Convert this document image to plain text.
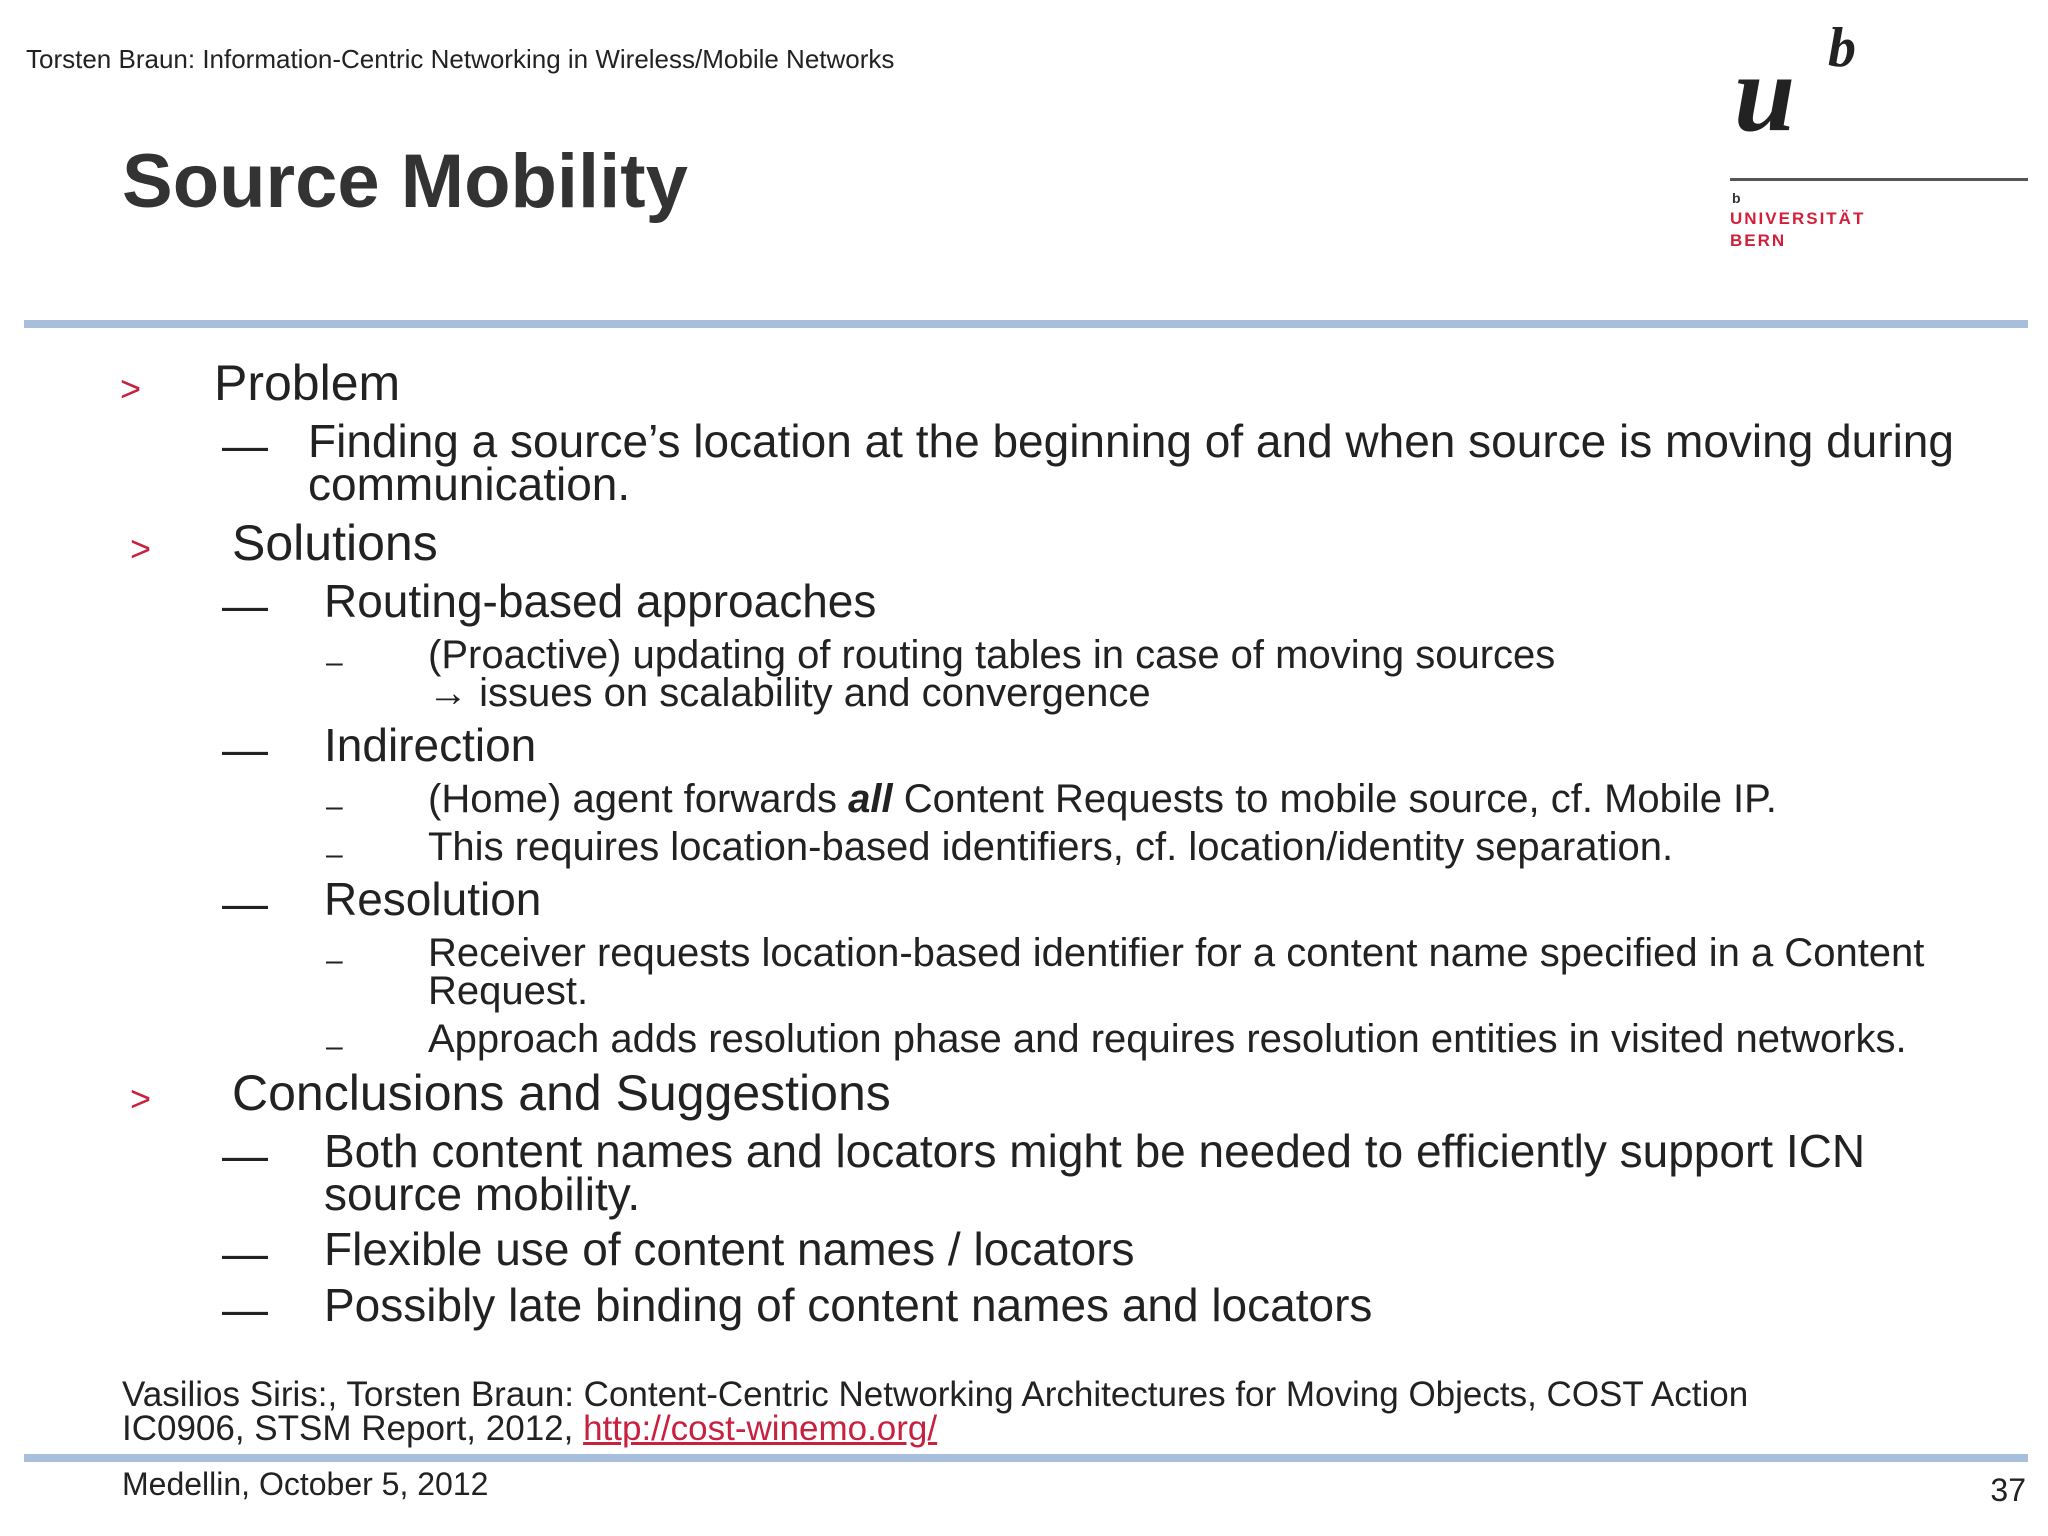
Torsten Braun: Information-Centric Networking in Wireless/Mobile Networks
Source Mobility
u b
b
UNIVERSITÄT
BERN
> Problem
— Finding a source’s location at the beginning of and when source is moving during
communication.
> Solutions
— Routing-based approaches
– (Proactive) updating of routing tables in case of moving sources
→ issues on scalability and convergence
— Indirection
– (Home) agent forwards all Content Requests to mobile source, cf. Mobile IP.
– This requires location-based identifiers, cf. location/identity separation.
— Resolution
– Receiver requests location-based identifier for a content name specified in a Content
Request.
– Approach adds resolution phase and requires resolution entities in visited networks.
> Conclusions and Suggestions
— Both content names and locators might be needed to efficiently support ICN
source mobility.
— Flexible use of content names / locators
— Possibly late binding of content names and locators
Vasilios Siris:, Torsten Braun: Content-Centric Networking Architectures for Moving Objects, COST Action
IC0906, STSM Report, 2012, http://cost-winemo.org/
Medellin, October 5, 2012	37
